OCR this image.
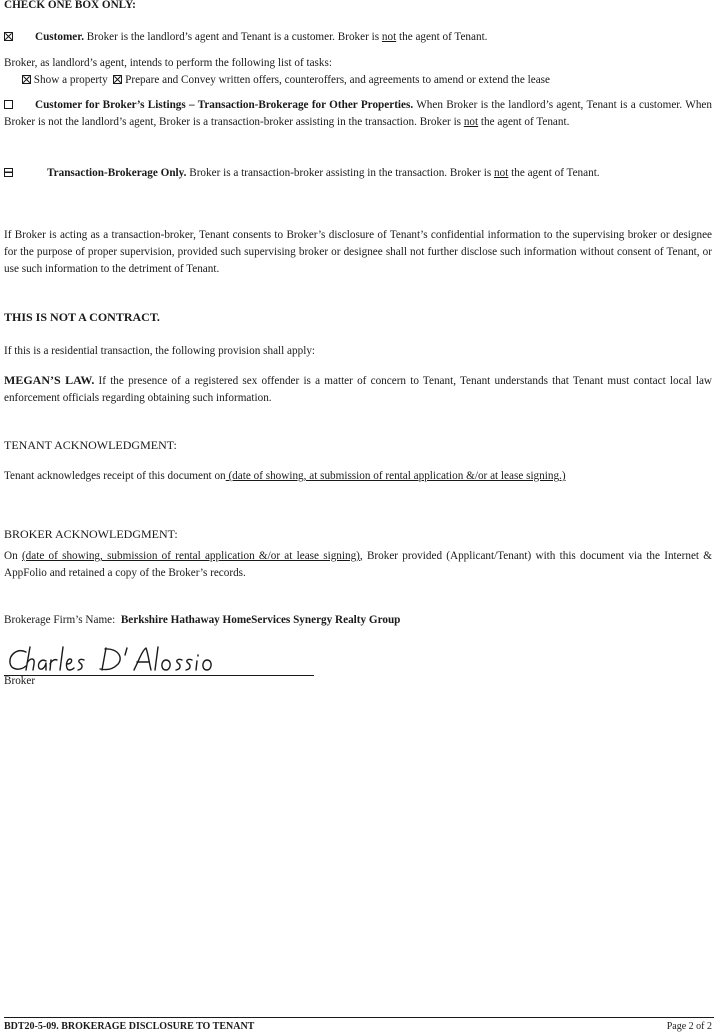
CHECK ONE BOX ONLY:
Customer. Broker is the landlord’s agent and Tenant is a customer. Broker is not the agent of Tenant.
Broker, as landlord’s agent, intends to perform the following list of tasks:
Show a property Prepare and Convey written offers, counteroffers, and agreements to amend or extend the lease
Customer for Broker’s Listings – Transaction-Brokerage for Other Properties. When Broker is the landlord’s agent, Tenant is a customer. When Broker is not the landlord’s agent, Broker is a transaction-broker assisting in the transaction. Broker is not the agent of Tenant.
Transaction-Brokerage Only. Broker is a transaction-broker assisting in the transaction. Broker is not the agent of Tenant.
If Broker is acting as a transaction-broker, Tenant consents to Broker’s disclosure of Tenant’s confidential information to the supervising broker or designee for the purpose of proper supervision, provided such supervising broker or designee shall not further disclose such information without consent of Tenant, or use such information to the detriment of Tenant.
THIS IS NOT A CONTRACT.
If this is a residential transaction, the following provision shall apply:
MEGAN’S LAW. If the presence of a registered sex offender is a matter of concern to Tenant, Tenant understands that Tenant must contact local law enforcement officials regarding obtaining such information.
TENANT ACKNOWLEDGMENT:
Tenant acknowledges receipt of this document on (date of showing, at submission of rental application &/or at lease signing.)
BROKER ACKNOWLEDGMENT:
On (date of showing, submission of rental application &/or at lease signing), Broker provided (Applicant/Tenant) with this document via the Internet & AppFolio and retained a copy of the Broker’s records.
Brokerage Firm’s Name: Berkshire Hathaway HomeServices Synergy Realty Group
Broker
BDT20-5-09. BROKERAGE DISCLOSURE TO TENANT	Page 2 of 2
